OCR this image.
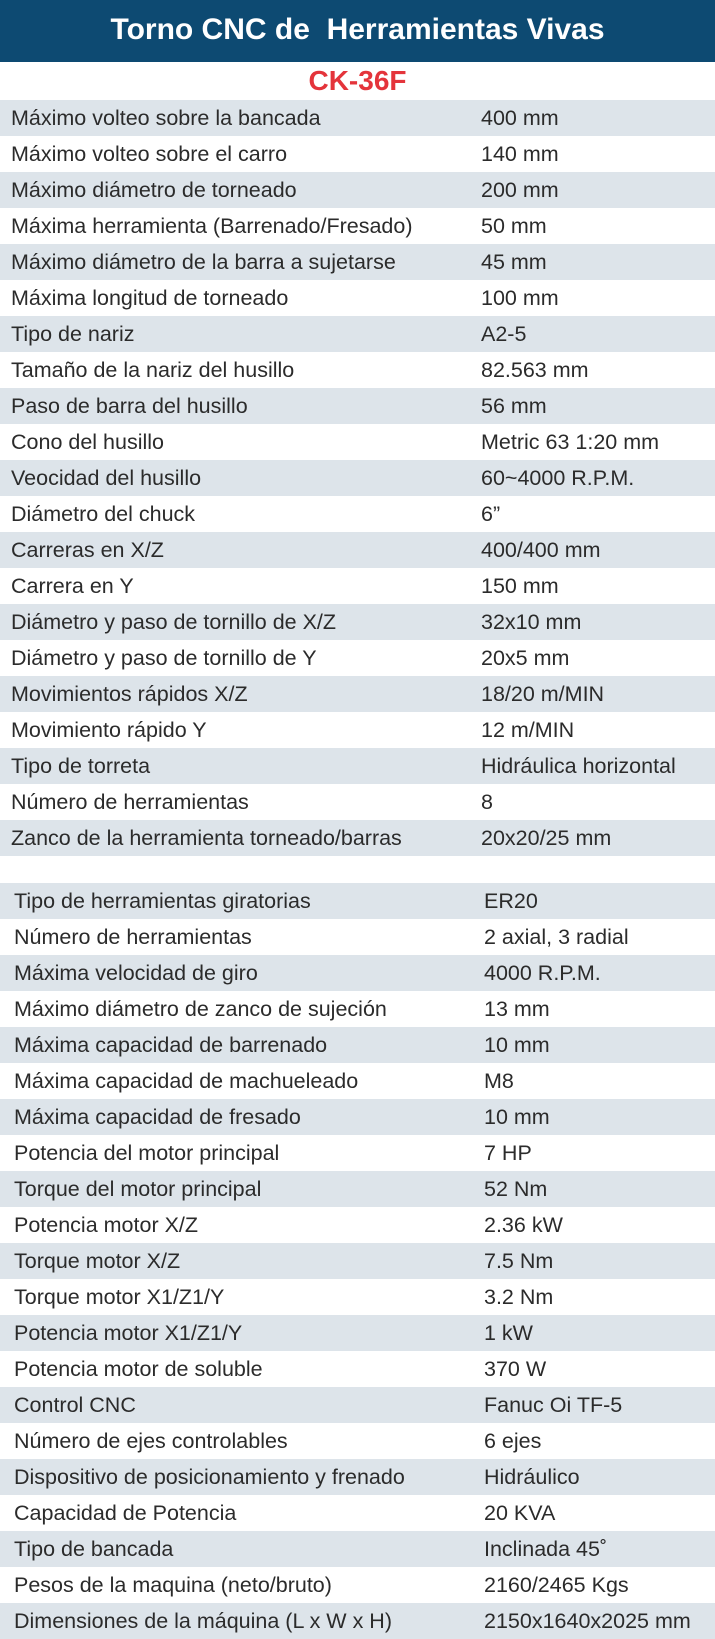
Torno CNC de  Herramientas Vivas
CK-36F
Máximo volteo sobre la bancada	400 mm
Máximo volteo sobre el carro	140 mm
Máximo diámetro de torneado	200 mm
Máxima herramienta (Barrenado/Fresado)	50 mm
Máximo diámetro de la barra a sujetarse	45 mm
Máxima longitud de torneado	100 mm
Tipo de nariz	A2-5
Tamaño de la nariz del husillo	82.563 mm
Paso de barra del husillo	56 mm
Cono del husillo	Metric 63 1:20 mm
Veocidad del husillo	60~4000 R.P.M.
Diámetro del chuck	6”
Carreras en X/Z	400/400 mm
Carrera en Y	150 mm
Diámetro y paso de tornillo de X/Z	32x10 mm
Diámetro y paso de tornillo de Y	20x5 mm
Movimientos rápidos X/Z	18/20 m/MIN
Movimiento rápido Y	12 m/MIN
Tipo de torreta	Hidráulica horizontal
Número de herramientas	8
Zanco de la herramienta torneado/barras	20x20/25 mm
Tipo de herramientas giratorias	ER20
Número de herramientas	2 axial, 3 radial
Máxima velocidad de giro	4000 R.P.M.
Máximo diámetro de zanco de sujeción	13 mm
Máxima capacidad de barrenado	10 mm
Máxima capacidad de machueleado	M8
Máxima capacidad de fresado	10 mm
Potencia del motor principal	7 HP
Torque del motor principal	52 Nm
Potencia motor X/Z	2.36 kW
Torque motor X/Z	7.5 Nm
Torque motor X1/Z1/Y	3.2 Nm
Potencia motor X1/Z1/Y	1 kW
Potencia motor de soluble	370 W
Control CNC	Fanuc Oi TF-5
Número de ejes controlables	6 ejes
Dispositivo de posicionamiento y frenado	Hidráulico
Capacidad de Potencia	20 KVA
Tipo de bancada	Inclinada 45˚
Pesos de la maquina (neto/bruto)	2160/2465 Kgs
Dimensiones de la máquina (L x W x H)	2150x1640x2025 mm
